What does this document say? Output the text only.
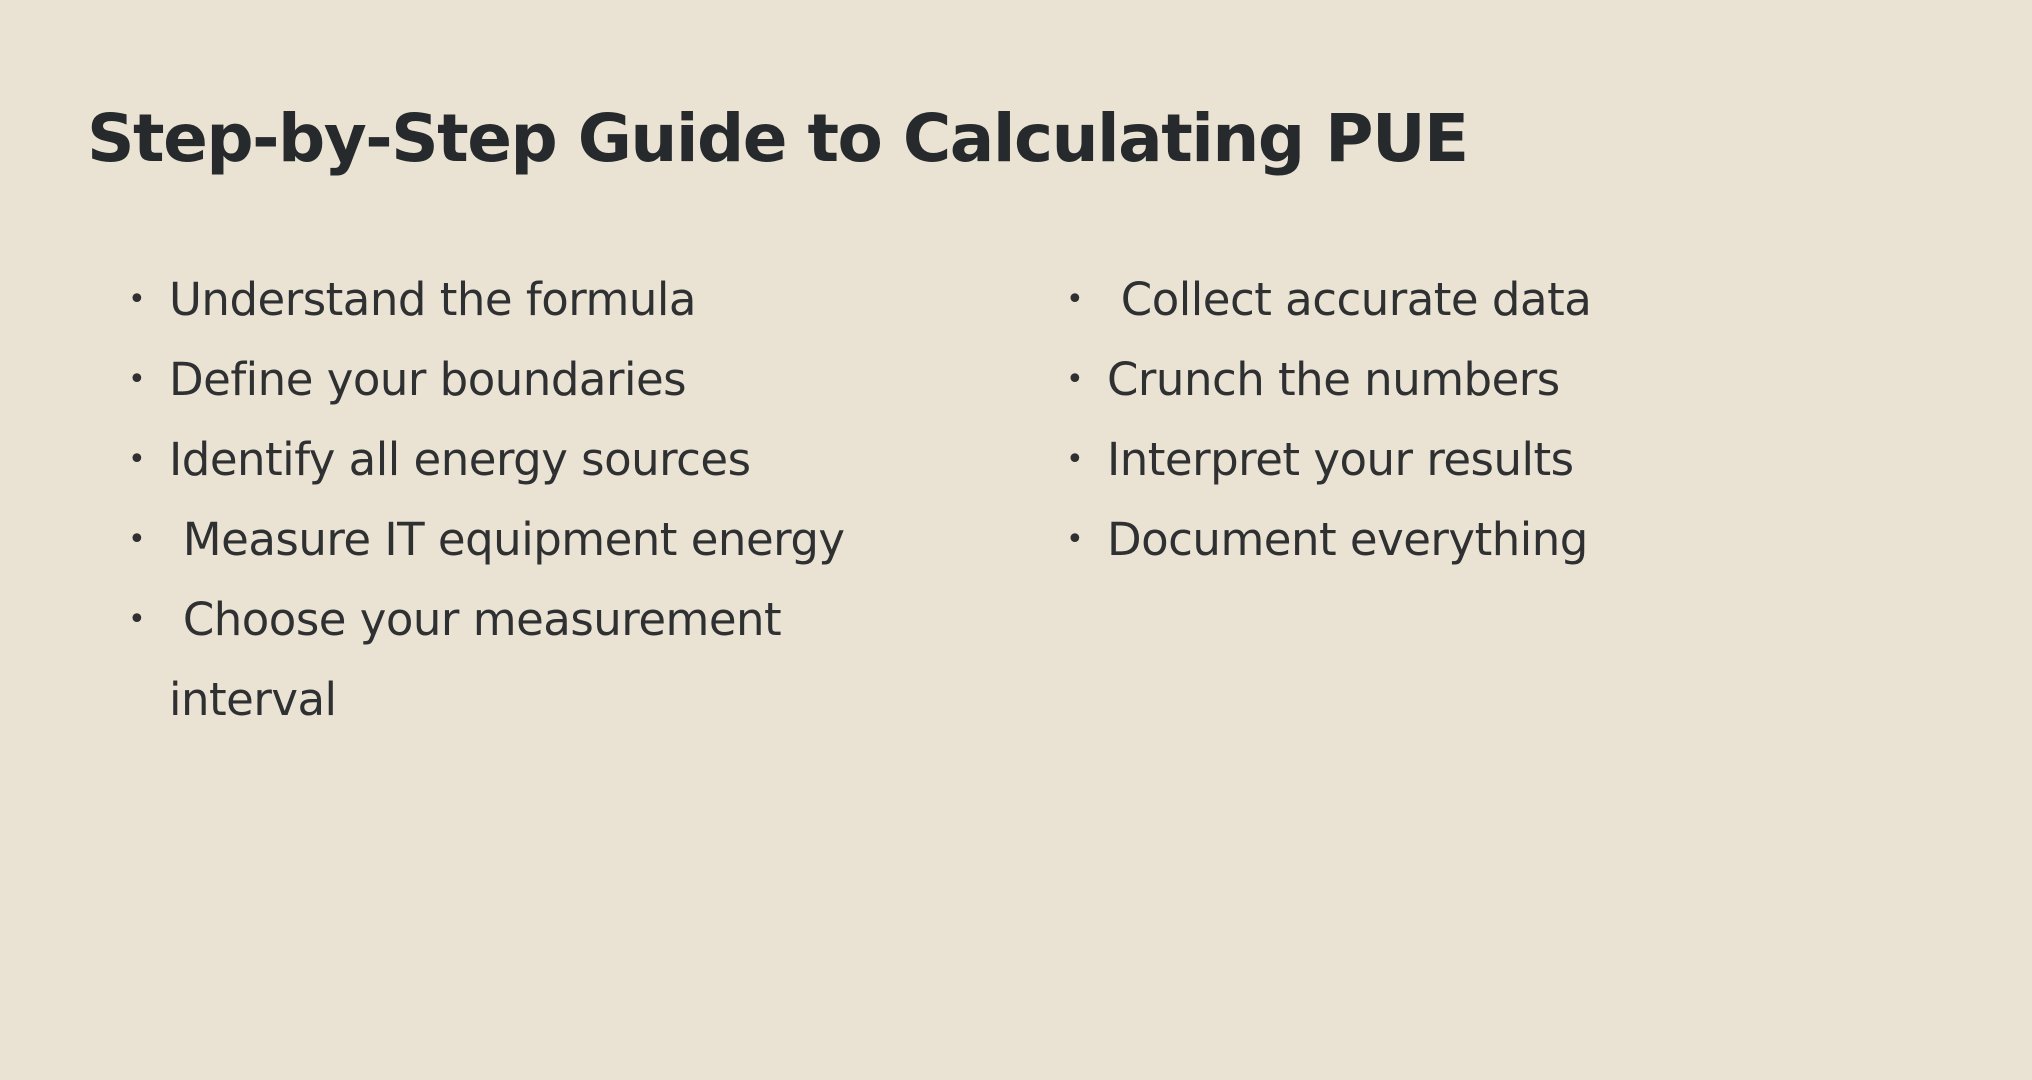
Step-by-Step Guide to Calculating PUE
• Understand the formula
• Define your boundaries
• Identify all energy sources
• Measure IT equipment energy
• Choose your measurement interval
• Collect accurate data
• Crunch the numbers
• Interpret your results
• Document everything
